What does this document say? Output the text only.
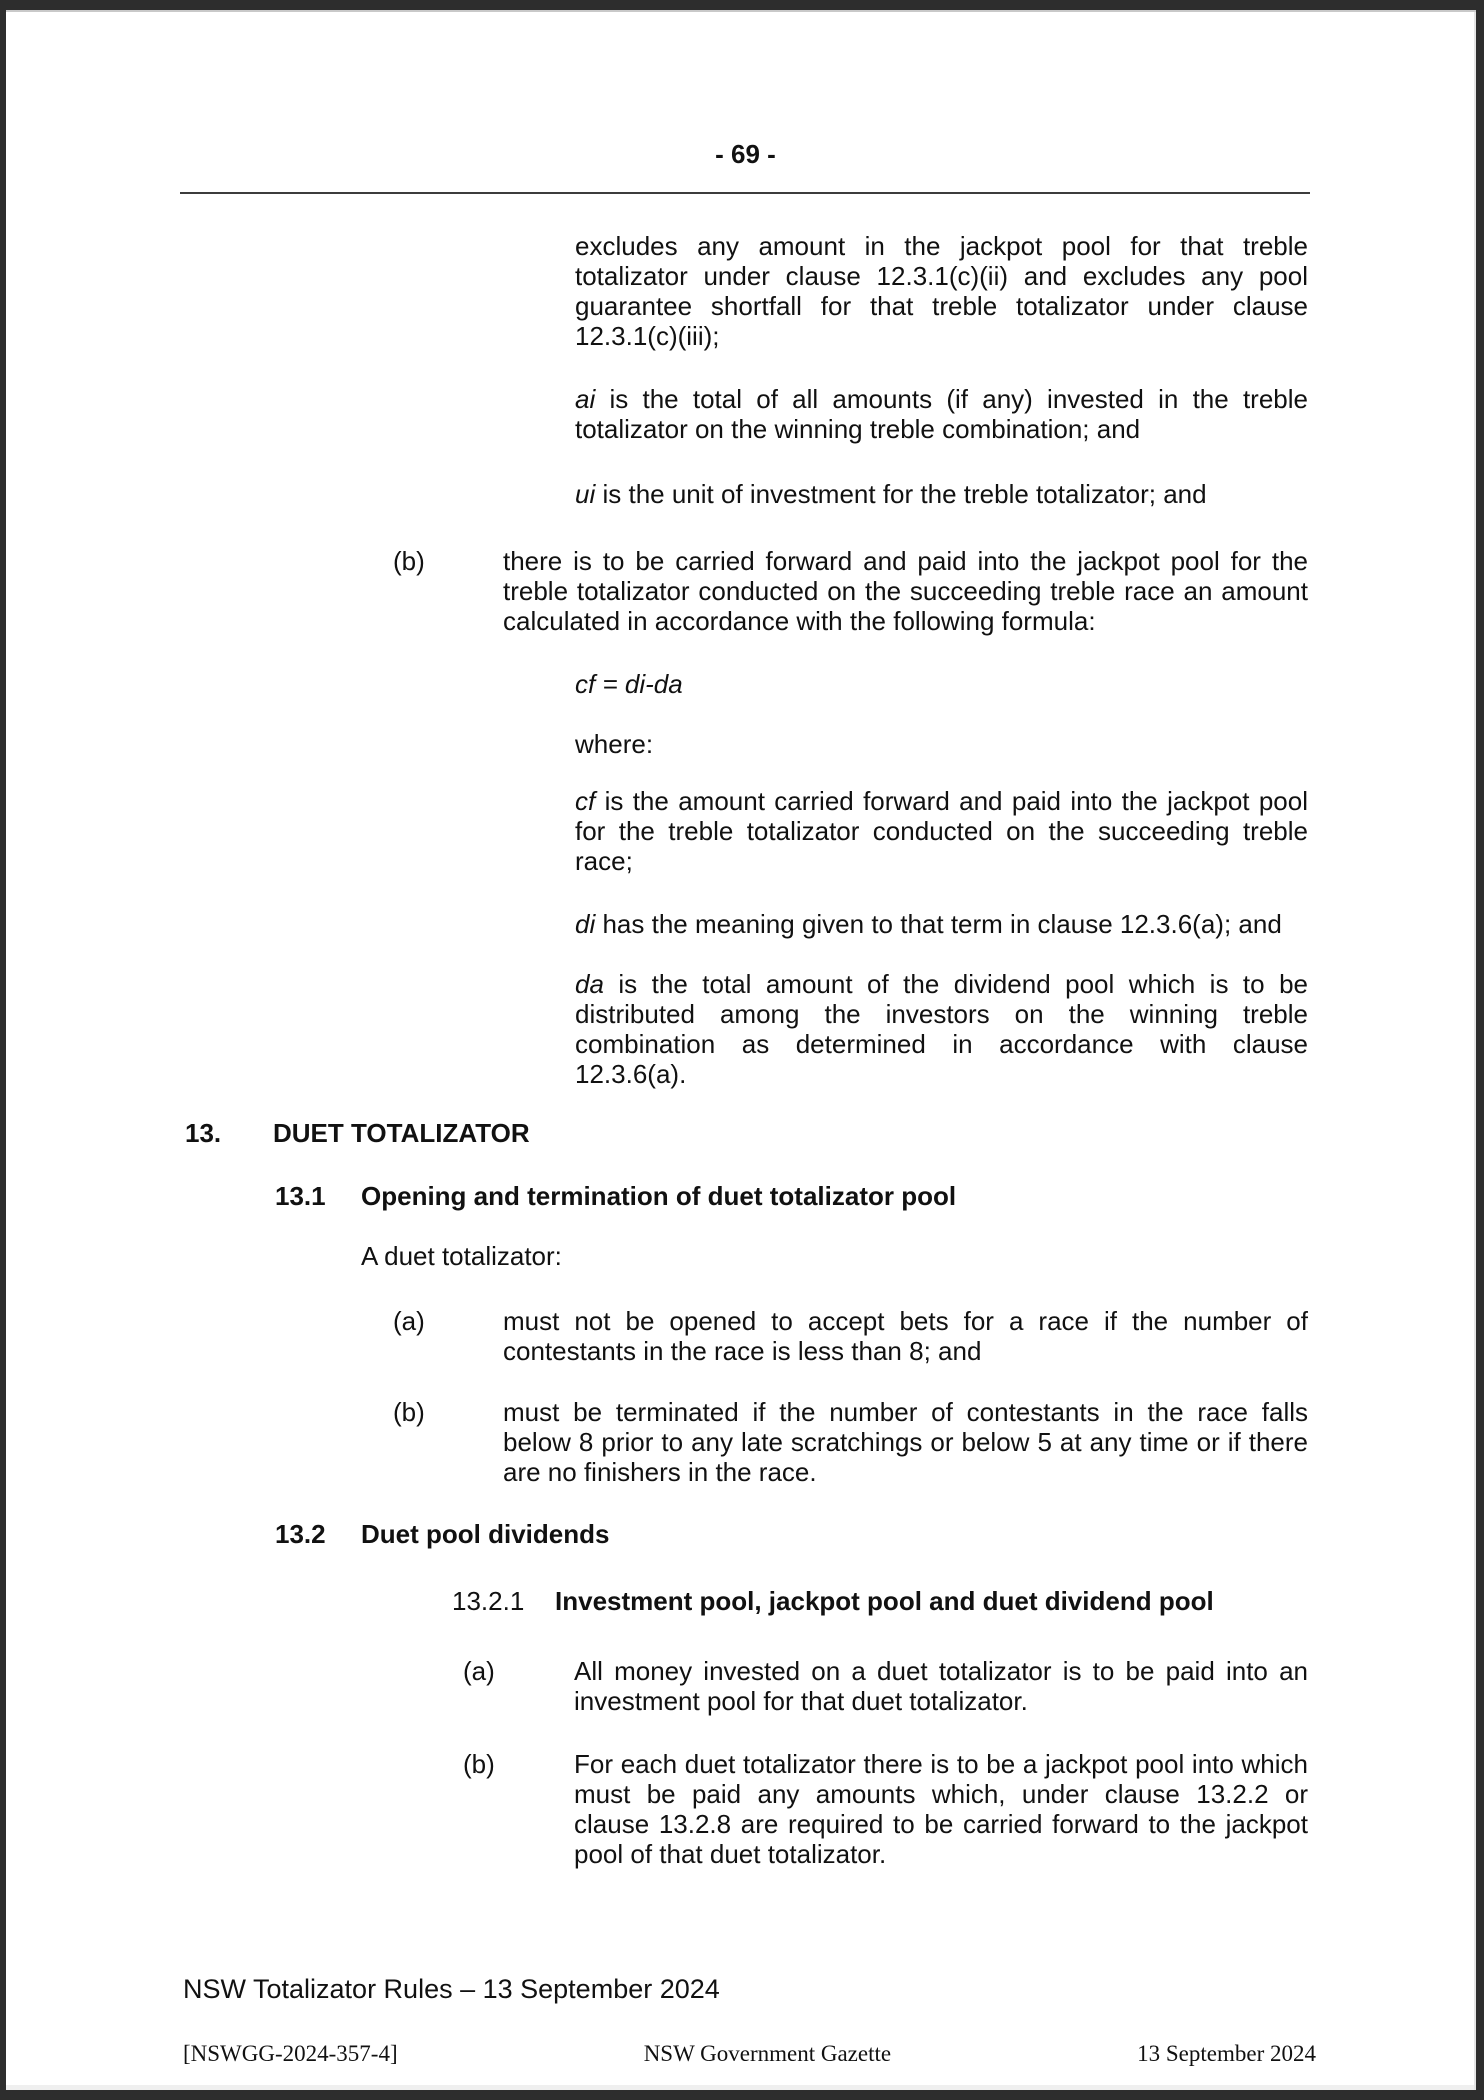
- 69 -
excludes any amount in the jackpot pool for that treble totalizator under clause 12.3.1(c)(ii) and excludes any pool guarantee shortfall for that treble totalizator under clause 12.3.1(c)(iii);
ai is the total of all amounts (if any) invested in the treble totalizator on the winning treble combination; and
ui is the unit of investment for the treble totalizator; and
(b)	there is to be carried forward and paid into the jackpot pool for the treble totalizator conducted on the succeeding treble race an amount calculated in accordance with the following formula:
cf = di-da
where:
cf is the amount carried forward and paid into the jackpot pool for the treble totalizator conducted on the succeeding treble race;
di has the meaning given to that term in clause 12.3.6(a); and
da is the total amount of the dividend pool which is to be distributed among the investors on the winning treble combination as determined in accordance with clause 12.3.6(a).
13. DUET TOTALIZATOR
13.1 Opening and termination of duet totalizator pool
A duet totalizator:
(a)	must not be opened to accept bets for a race if the number of contestants in the race is less than 8; and
(b)	must be terminated if the number of contestants in the race falls below 8 prior to any late scratchings or below 5 at any time or if there are no finishers in the race.
13.2 Duet pool dividends
13.2.1 Investment pool, jackpot pool and duet dividend pool
(a)	All money invested on a duet totalizator is to be paid into an investment pool for that duet totalizator.
(b)	For each duet totalizator there is to be a jackpot pool into which must be paid any amounts which, under clause 13.2.2 or clause 13.2.8 are required to be carried forward to the jackpot pool of that duet totalizator.
NSW Totalizator Rules – 13 September 2024
[NSWGG-2024-357-4]	NSW Government Gazette	13 September 2024
